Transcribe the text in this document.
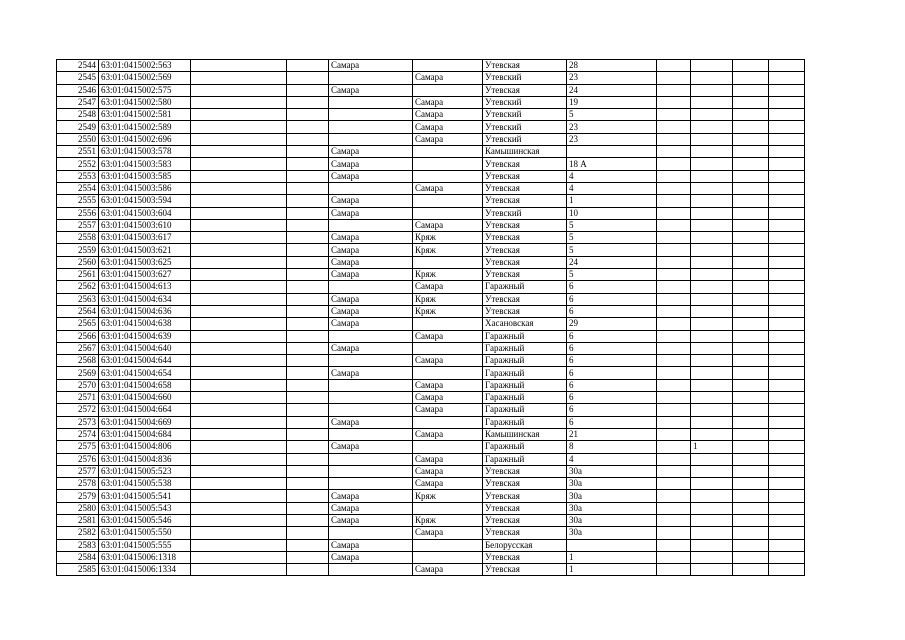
2544	63:01:0415002:563			Самара		Утевская	28				
2545	63:01:0415002:569				Самара	Утевский	23				
2546	63:01:0415002:575			Самара		Утевская	24				
2547	63:01:0415002:580				Самара	Утевский	19				
2548	63:01:0415002:581				Самара	Утевский	5				
2549	63:01:0415002:589				Самара	Утевский	23				
2550	63:01:0415002:696				Самара	Утевский	23				
2551	63:01:0415003:578			Самара		Камышинская					
2552	63:01:0415003:583			Самара		Утевская	18 А				
2553	63:01:0415003:585			Самара		Утевская	4				
2554	63:01:0415003:586				Самара	Утевская	4				
2555	63:01:0415003:594			Самара		Утевская	1				
2556	63:01:0415003:604			Самара		Утевский	10				
2557	63:01:0415003:610				Самара	Утевская	5				
2558	63:01:0415003:617			Самара	Кряж	Утевская	5				
2559	63:01:0415003:621			Самара	Кряж	Утевская	5				
2560	63:01:0415003:625			Самара		Утевская	24				
2561	63:01:0415003:627			Самара	Кряж	Утевская	5				
2562	63:01:0415004:613				Самара	Гаражный	6				
2563	63:01:0415004:634			Самара	Кряж	Утевская	6				
2564	63:01:0415004:636			Самара	Кряж	Утевская	6				
2565	63:01:0415004:638			Самара		Хасановская	29				
2566	63:01:0415004:639				Самара	Гаражный	6				
2567	63:01:0415004:640			Самара		Гаражный	6				
2568	63:01:0415004:644				Самара	Гаражный	6				
2569	63:01:0415004:654			Самара		Гаражный	6				
2570	63:01:0415004:658				Самара	Гаражный	6				
2571	63:01:0415004:660				Самара	Гаражный	6				
2572	63:01:0415004:664				Самара	Гаражный	6				
2573	63:01:0415004:669			Самара		Гаражный	6				
2574	63:01:0415004:684				Самара	Камышинская	21				
2575	63:01:0415004:806			Самара		Гаражный	8		1		
2576	63:01:0415004:836				Самара	Гаражный	4				
2577	63:01:0415005:523				Самара	Утевская	30а				
2578	63:01:0415005:538				Самара	Утевская	30а				
2579	63:01:0415005:541			Самара	Кряж	Утевская	30а				
2580	63:01:0415005:543			Самара		Утевская	30а				
2581	63:01:0415005:546			Самара	Кряж	Утевская	30а				
2582	63:01:0415005:550				Самара	Утевская	30а				
2583	63:01:0415005:555			Самара		Белорусская					
2584	63:01:0415006:1318			Самара		Утевская	1				
2585	63:01:0415006:1334				Самара	Утевская	1				
